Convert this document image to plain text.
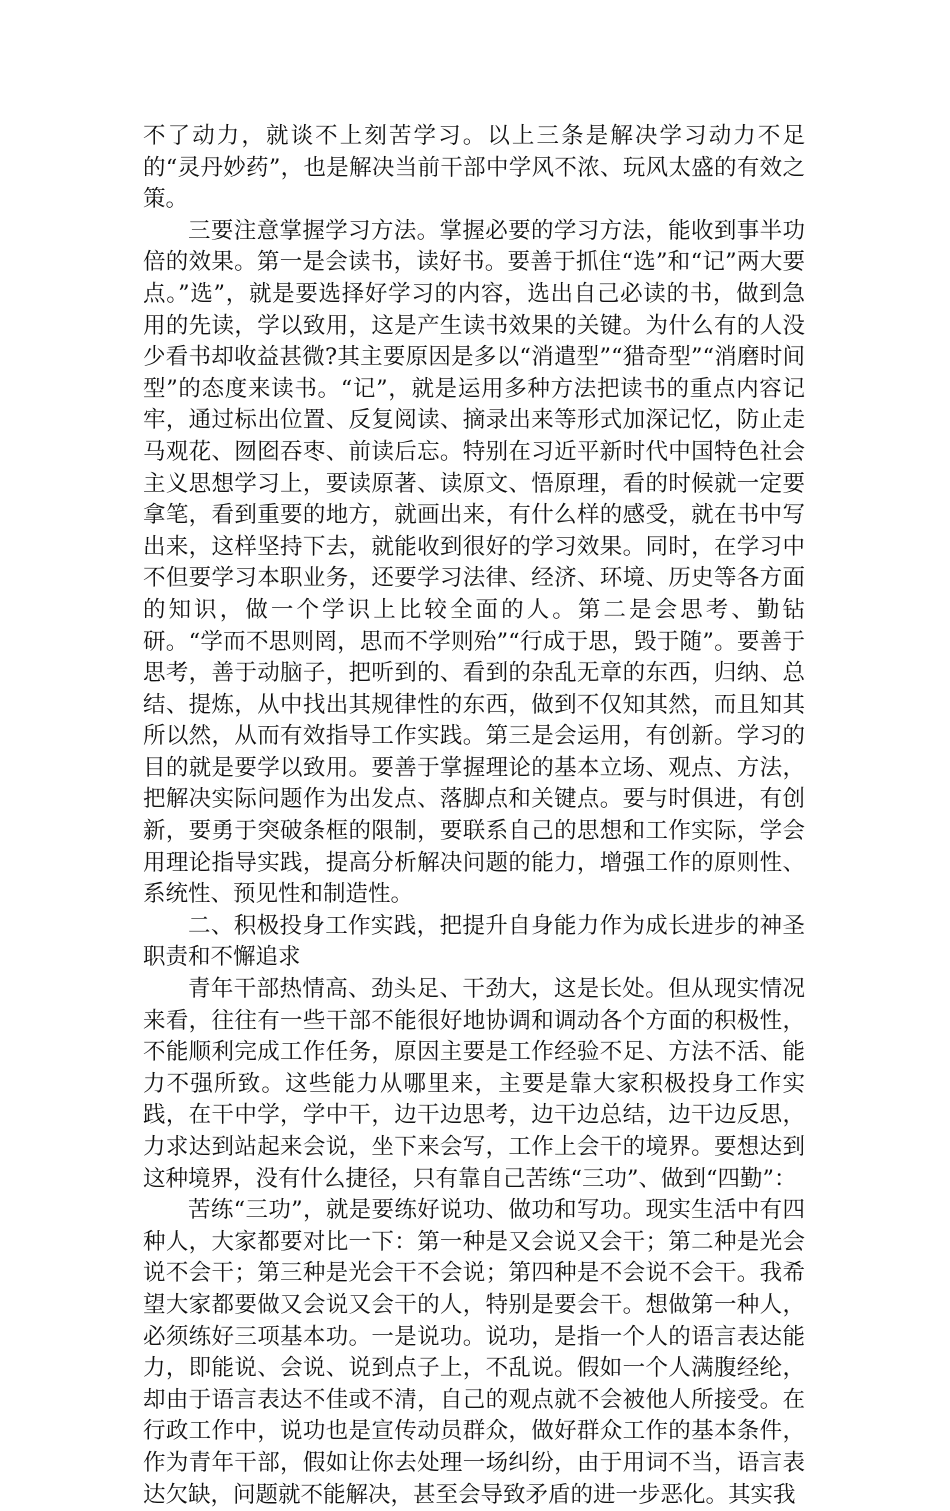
不了动力，就谈不上刻苦学习。以上三条是解决学习动力不足的“灵丹妙药”，也是解决当前干部中学风不浓、玩风太盛的有效之策。

三要注意掌握学习方法。掌握必要的学习方法，能收到事半功倍的效果。第一是会读书，读好书。要善于抓住“选”和“记”两大要点。”选”，就是要选择好学习的内容，选出自己必读的书，做到急用的先读，学以致用，这是产生读书效果的关键。为什么有的人没少看书却收益甚微?其主要原因是多以“消遣型”“猎奇型”“消磨时间型”的态度来读书。“记”，就是运用多种方法把读书的重点内容记牢，通过标出位置、反复阅读、摘录出来等形式加深记忆，防止走马观花、囫囵吞枣、前读后忘。特别在习近平新时代中国特色社会主义思想学习上，要读原著、读原文、悟原理，看的时候就一定要拿笔，看到重要的地方，就画出来，有什么样的感受，就在书中写出来，这样坚持下去，就能收到很好的学习效果。同时，在学习中不但要学习本职业务，还要学习法律、经济、环境、历史等各方面的知识，做一个学识上比较全面的人。第二是会思考、勤钻研。“学而不思则罔，思而不学则殆”“行成于思，毁于随”。要善于思考，善于动脑子，把听到的、看到的杂乱无章的东西，归纳、总结、提炼，从中找出其规律性的东西，做到不仅知其然，而且知其所以然，从而有效指导工作实践。第三是会运用，有创新。学习的目的就是要学以致用。要善于掌握理论的基本立场、观点、方法，把解决实际问题作为出发点、落脚点和关键点。要与时俱进，有创新，要勇于突破条框的限制，要联系自己的思想和工作实际，学会用理论指导实践，提高分析解决问题的能力，增强工作的原则性、系统性、预见性和制造性。

二、积极投身工作实践，把提升自身能力作为成长进步的神圣职责和不懈追求

青年干部热情高、劲头足、干劲大，这是长处。但从现实情况来看，往往有一些干部不能很好地协调和调动各个方面的积极性，不能顺利完成工作任务，原因主要是工作经验不足、方法不活、能力不强所致。这些能力从哪里来，主要是靠大家积极投身工作实践，在干中学，学中干，边干边思考，边干边总结，边干边反思，力求达到站起来会说，坐下来会写，工作上会干的境界。要想达到这种境界，没有什么捷径，只有靠自己苦练“三功”、做到“四勤”：

苦练“三功”，就是要练好说功、做功和写功。现实生活中有四种人，大家都要对比一下：第一种是又会说又会干；第二种是光会说不会干；第三种是光会干不会说；第四种是不会说不会干。我希望大家都要做又会说又会干的人，特别是要会干。想做第一种人，必须练好三项基本功。一是说功。说功，是指一个人的语言表达能力，即能说、会说、说到点子上，不乱说。假如一个人满腹经纶，却由于语言表达不佳或不清，自己的观点就不会被他人所接受。在行政工作中，说功也是宣传动员群众，做好群众工作的基本条件，作为青年干部，假如让你去处理一场纠纷，由于用词不当，语言表达欠缺，问题就不能解决，甚至会导致矛盾的进一步恶化。其实我
